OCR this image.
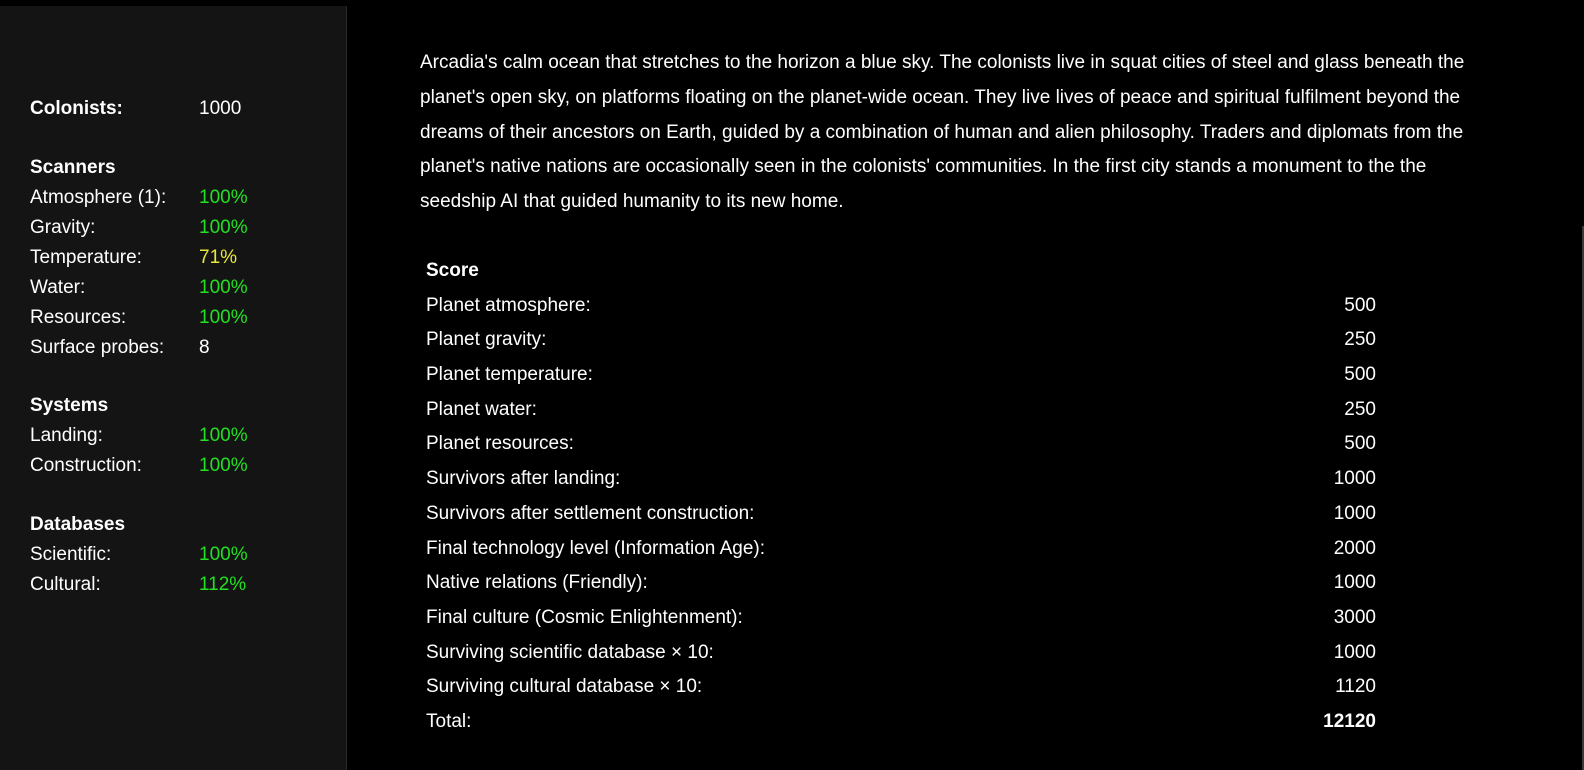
Colonists:	1000
Scanners
Atmosphere (1):	100%
Gravity:	100%
Temperature:	71%
Water:	100%
Resources:	100%
Surface probes:	8
Systems
Landing:	100%
Construction:	100%
Databases
Scientific:	100%
Cultural:	112%

Arcadia's calm ocean that stretches to the horizon a blue sky. The colonists live in squat cities of steel and glass beneath the planet's open sky, on platforms floating on the planet-wide ocean. They live lives of peace and spiritual fulfilment beyond the dreams of their ancestors on Earth, guided by a combination of human and alien philosophy. Traders and diplomats from the planet's native nations are occasionally seen in the colonists' communities. In the first city stands a monument to the the seedship AI that guided humanity to its new home.

Score
Planet atmosphere:	500
Planet gravity:	250
Planet temperature:	500
Planet water:	250
Planet resources:	500
Survivors after landing:	1000
Survivors after settlement construction:	1000
Final technology level (Information Age):	2000
Native relations (Friendly):	1000
Final culture (Cosmic Enlightenment):	3000
Surviving scientific database × 10:	1000
Surviving cultural database × 10:	1120
Total:	12120
